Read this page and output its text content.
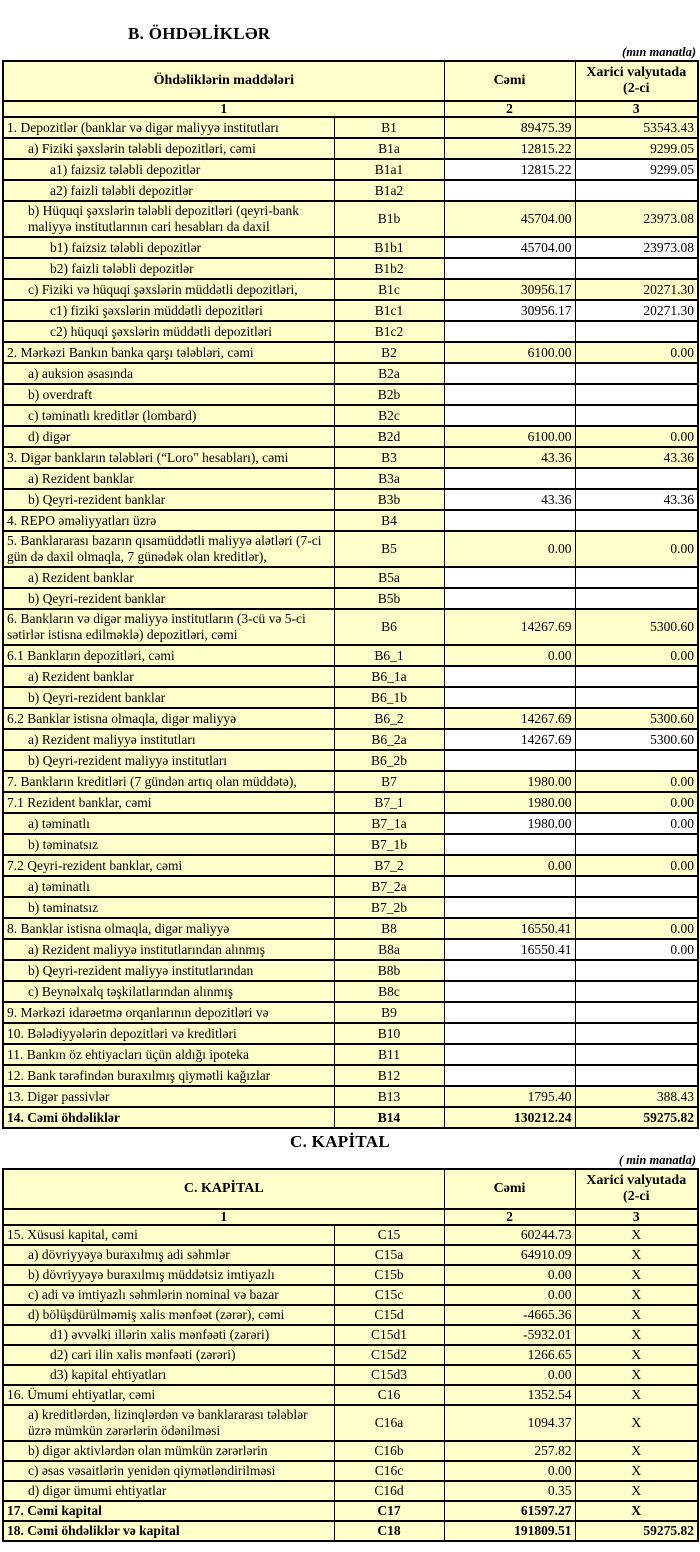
B. ÖHDƏLİKLƏR
(mın manatla)
Öhdəliklərin maddələri		Cəmi	Xarici valyutada (2-ci
1		2	3
1. Depozitlər (banklar və digər maliyyə institutları	B1	89475.39	53543.43
a) Fiziki şəxslərin tələbli depozitləri, cəmi	B1a	12815.22	9299.05
a1) faizsiz tələbli depozitlər	B1a1	12815.22	9299.05
a2) faizli tələbli depozitlər	B1a2		
b) Hüquqi şəxslərin tələbli depozitləri (qeyri-bank maliyyə institutlarının cari hesabları da daxil	B1b	45704.00	23973.08
b1) faizsiz tələbli depozitlər	B1b1	45704.00	23973.08
b2) faizli tələbli depozitlər	B1b2		
c) Fiziki və hüquqi şəxslərin müddətli depozitləri,	B1c	30956.17	20271.30
c1) fiziki şəxslərin müddətli depozitləri	B1c1	30956.17	20271.30
c2) hüquqi şəxslərin müddətli depozitləri	B1c2		
2. Mərkəzi Bankın banka qarşı tələbləri, cəmi	B2	6100.00	0.00
a) auksion əsasında	B2a		
b) overdraft	B2b		
c) təminatlı kreditlər (lombard)	B2c		
d) digər	B2d	6100.00	0.00
3. Digər bankların tələbləri (“Loro" hesabları), cəmi	B3	43.36	43.36
a) Rezident banklar	B3a		
b) Qeyri-rezident banklar	B3b	43.36	43.36
4. REPO əməliyyatları üzrə	B4		
5. Banklararası bazarın qısamüddətli maliyyə alətləri (7-ci gün də daxil olmaqla, 7 günədək olan kreditlər),	B5	0.00	0.00
a) Rezident banklar	B5a		
b) Qeyri-rezident banklar	B5b		
6. Bankların və digər maliyyə institutların (3-cü və 5-ci sətirlər istisna edilməklə) depozitləri, cəmi	B6	14267.69	5300.60
6.1 Bankların depozitləri, cəmi	B6_1	0.00	0.00
a) Rezident banklar	B6_1a		
b) Qeyri-rezident banklar	B6_1b		
6.2 Banklar istisna olmaqla, digər maliyyə	B6_2	14267.69	5300.60
a) Rezident maliyyə institutları	B6_2a	14267.69	5300.60
b) Qeyri-rezident maliyyə institutları	B6_2b		
7. Bankların kreditləri (7 gündən artıq olan müddətə),	B7	1980.00	0.00
7.1 Rezident banklar, cəmi	B7_1	1980.00	0.00
a) təminatlı	B7_1a	1980.00	0.00
b) təminatsız	B7_1b		
7.2 Qeyri-rezident banklar, cəmi	B7_2	0.00	0.00
a) təminatlı	B7_2a		
b) təminatsız	B7_2b		
8. Banklar istisna olmaqla, digər maliyyə	B8	16550.41	0.00
a) Rezident maliyyə institutlarından alınmış	B8a	16550.41	0.00
b) Qeyri-rezident maliyyə institutlarından	B8b		
c) Beynəlxalq təşkilatlarından alınmış	B8c		
9. Mərkəzi idarəetmə orqanlarının depozitləri və	B9		
10. Bələdiyyələrin depozitləri və kreditləri	B10		
11. Bankın öz ehtiyacları üçün aldığı ipoteka	B11		
12. Bank tərəfindən buraxılmış qiymətli kağızlar	B12		
13. Digər passivlər	B13	1795.40	388.43
14. Cəmi öhdəliklər	B14	130212.24	59275.82
C. KAPİTAL
( min manatla)
C. KAPİTAL		Cəmi	Xarici valyutada (2-ci
1		2	3
15. Xüsusi kapital, cəmi	C15	60244.73	X
a) dövriyyəyə buraxılmış adi səhmlər	C15a	64910.09	X
b) dövriyyəyə buraxılmış müddətsiz imtiyazlı	C15b	0.00	X
c) adi və imtiyazlı səhmlərin nominal və bazar	C15c	0.00	X
d) bölüşdürülməmiş xalis mənfəət (zərər), cəmi	C15d	-4665.36	X
d1) əvvəlki illərin xalis mənfəəti (zərəri)	C15d1	-5932.01	X
d2) cari ilin xalis mənfəəti (zərəri)	C15d2	1266.65	X
d3) kapital ehtiyatları	C15d3	0.00	X
16. Ümumi ehtiyatlar, cəmi	C16	1352.54	X
a) kreditlərdən, lizinqlərdən və banklararası tələblər üzrə mümkün zərərlərin ödənilməsi	C16a	1094.37	X
b) digər aktivlərdən olan mümkün zərərlərin	C16b	257.82	X
c) əsas vəsaitlərin yenidən qiymətləndirilməsi	C16c	0.00	X
d) digər ümumi ehtiyatlar	C16d	0.35	X
17. Cəmi kapital	C17	61597.27	X
18. Cəmi öhdəliklər və kapital	C18	191809.51	59275.82
